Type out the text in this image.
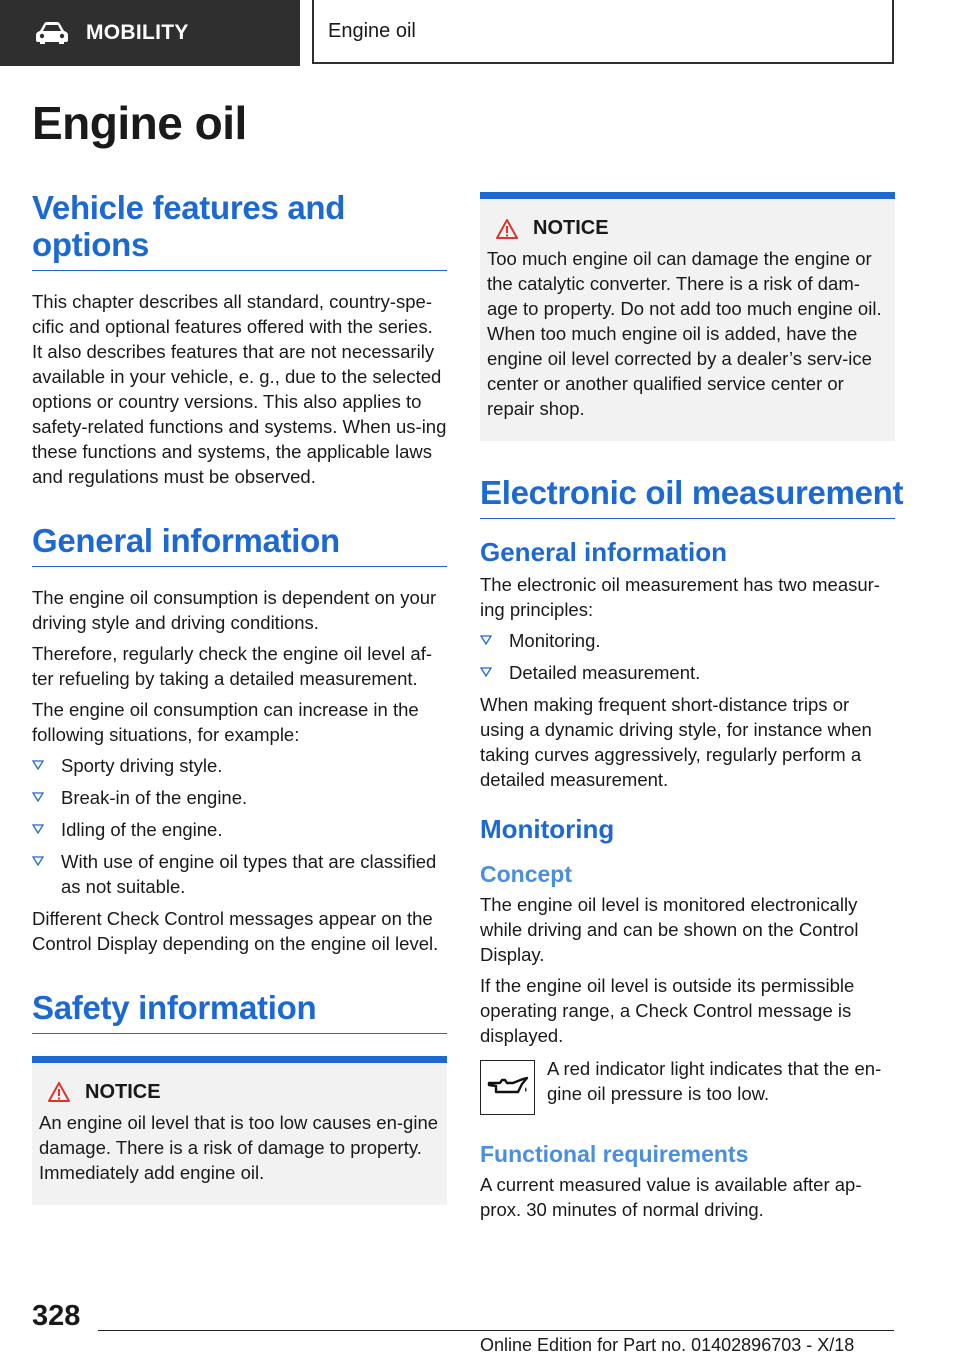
MOBILITY	Engine oil
Engine oil
Vehicle features and options

This chapter describes all standard, country-spe‐cific and optional features offered with the series. It also describes features that are not necessarily available in your vehicle, e. g., due to the selected options or country versions. This also applies to safety-related functions and systems. When us‐ing these functions and systems, the applicable laws and regulations must be observed.

General information

The engine oil consumption is dependent on your driving style and driving conditions.

Therefore, regularly check the engine oil level af‐ter refueling by taking a detailed measurement.

The engine oil consumption can increase in the following situations, for example:

Sporty driving style.
Break-in of the engine.
Idling of the engine.
With use of engine oil types that are classified as not suitable.

Different Check Control messages appear on the Control Display depending on the engine oil level.

Safety information
NOTICE

An engine oil level that is too low causes en‐gine damage. There is a risk of damage to property. Immediately add engine oil.

NOTICE

Too much engine oil can damage the engine or the catalytic converter. There is a risk of dam‐age to property. Do not add too much engine oil. When too much engine oil is added, have the engine oil level corrected by a dealer’s serv‐ice center or another qualified service center or repair shop.

Electronic oil measurement
General information

The electronic oil measurement has two measur‐ing principles:

Monitoring.
Detailed measurement.

When making frequent short-distance trips or using a dynamic driving style, for instance when taking curves aggressively, regularly perform a detailed measurement.

Monitoring
Concept

The engine oil level is monitored electronically while driving and can be shown on the Control Display.

If the engine oil level is outside its permissible operating range, a Check Control message is displayed.

A red indicator light indicates that the en‐gine oil pressure is too low.

Functional requirements

A current measured value is available after ap‐prox. 30 minutes of normal driving.

328
Online Edition for Part no. 01402896703 - X/18
